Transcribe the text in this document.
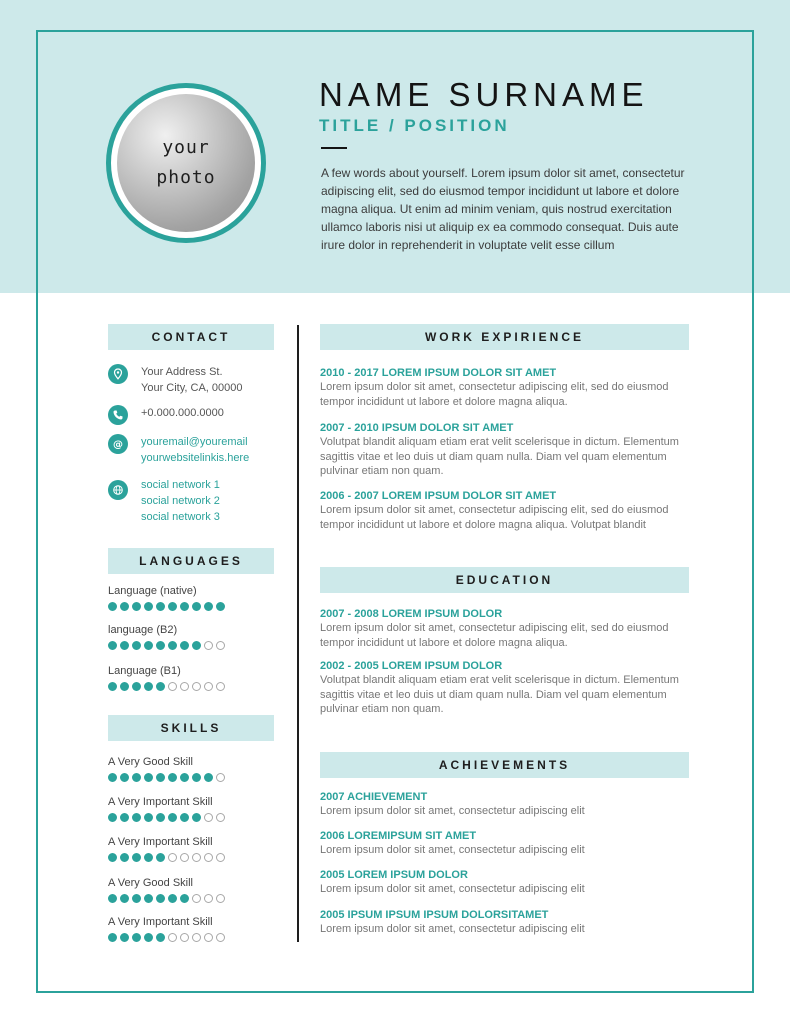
your
photo
NAME SURNAME
TITLE / POSITION
A few words about yourself. Lorem ipsum dolor sit amet, consectetur adipiscing elit, sed do eiusmod tempor incididunt ut labore et dolore magna aliqua. Ut enim ad minim veniam, quis nostrud exercitation ullamco laboris nisi ut aliquip ex ea commodo consequat. Duis aute irure dolor in reprehenderit in voluptate velit esse cillum
CONTACT
Your Address St.
Your City, CA, 00000
+0.000.000.0000
@ youremail@youremail
yourwebsitelinkis.here
social network 1
social network 2
social network 3
LANGUAGES
Language (native)
language (B2)
Language (B1)
SKILLS
A Very Good Skill
A Very Important Skill
A Very Important Skill
A Very Good Skill
A Very Important Skill
WORK EXPIRIENCE
2010 - 2017 LOREM IPSUM DOLOR SIT AMET
Lorem ipsum dolor sit amet, consectetur adipiscing elit, sed do eiusmod tempor incididunt ut labore et dolore magna aliqua.
2007 - 2010 IPSUM DOLOR SIT AMET
Volutpat blandit aliquam etiam erat velit scelerisque in dictum. Elementum sagittis vitae et leo duis ut diam quam nulla. Diam vel quam elementum pulvinar etiam non quam.
2006 - 2007 LOREM IPSUM DOLOR SIT AMET
Lorem ipsum dolor sit amet, consectetur adipiscing elit, sed do eiusmod tempor incididunt ut labore et dolore magna aliqua. Volutpat blandit
EDUCATION
2007 - 2008 LOREM IPSUM DOLOR
Lorem ipsum dolor sit amet, consectetur adipiscing elit, sed do eiusmod tempor incididunt ut labore et dolore magna aliqua.
2002 - 2005 LOREM IPSUM DOLOR
Volutpat blandit aliquam etiam erat velit scelerisque in dictum. Elementum sagittis vitae et leo duis ut diam quam nulla. Diam vel quam elementum pulvinar etiam non quam.
ACHIEVEMENTS
2007 ACHIEVEMENT
Lorem ipsum dolor sit amet, consectetur adipiscing elit
2006 LOREMIPSUM SIT AMET
Lorem ipsum dolor sit amet, consectetur adipiscing elit
2005 LOREM IPSUM DOLOR
Lorem ipsum dolor sit amet, consectetur adipiscing elit
2005 IPSUM IPSUM IPSUM DOLORSITAMET
Lorem ipsum dolor sit amet, consectetur adipiscing elit
